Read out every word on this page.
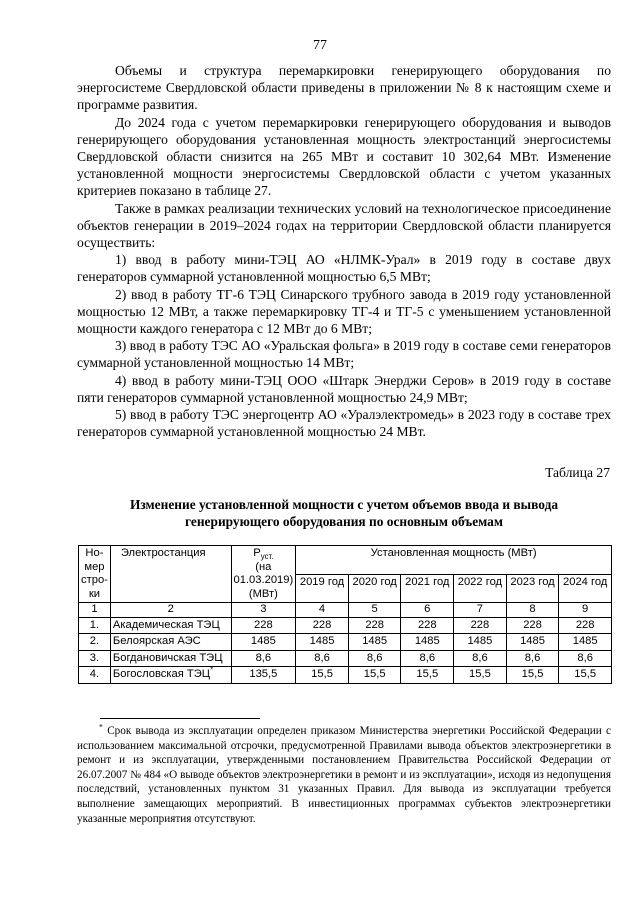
77

Объемы и структура перемаркировки генерирующего оборудования по энергосистеме Свердловской области приведены в приложении № 8 к настоящим схеме и программе развития.

До 2024 года с учетом перемаркировки генерирующего оборудования и выводов генерирующего оборудования установленная мощность электростанций энергосистемы Свердловской области снизится на 265 МВт и составит 10 302,64 МВт. Изменение установленной мощности энергосистемы Свердловской области с учетом указанных критериев показано в таблице 27.

Также в рамках реализации технических условий на технологическое присоединение объектов генерации в 2019–2024 годах на территории Свердловской области планируется осуществить:

1) ввод в работу мини-ТЭЦ АО «НЛМК-Урал» в 2019 году в составе двух генераторов суммарной установленной мощностью 6,5 МВт;

2) ввод в работу ТГ-6 ТЭЦ Синарского трубного завода в 2019 году установленной мощностью 12 МВт, а также перемаркировку ТГ-4 и ТГ-5 с уменьшением установленной мощности каждого генератора с 12 МВт до 6 МВт;

3) ввод в работу ТЭС АО «Уральская фольга» в 2019 году в составе семи генераторов суммарной установленной мощностью 14 МВт;

4) ввод в работу мини-ТЭЦ ООО «Штарк Энерджи Серов» в 2019 году в составе пяти генераторов суммарной установленной мощностью 24,9 МВт;

5) ввод в работу ТЭС энергоцентр АО «Уралэлектромедь» в 2023 году в составе трех генераторов суммарной установленной мощностью 24 МВт.

Таблица 27
Изменение установленной мощности с учетом объемов ввода и вывода
генерирующего оборудования по основным объемам
Но-мер стро-ки	Электростанция	$P_{уст.}$
(на 01.03.2019) (МВт)	Установленная мощность (МВт)					
			2019 год	2020 год	2021 год	2022 год	2023 год	2024 год
1	2	3	4	5	6	7	8	9
1.	Академическая ТЭЦ	228	228	228	228	228	228	228
2.	Белоярская АЭС	1485	1485	1485	1485	1485	1485	1485
3.	Богдановичская ТЭЦ	8,6	8,6	8,6	8,6	8,6	8,6	8,6
4.	Богословская ТЭЦ*	135,5	15,5	15,5	15,5	15,5	15,5	15,5
* Срок вывода из эксплуатации определен приказом Министерства энергетики Российской Федерации с использованием максимальной отсрочки, предусмотренной Правилами вывода объектов электроэнергетики в ремонт и из эксплуатации, утвержденными постановлением Правительства Российской Федерации от 26.07.2007 № 484 «О выводе объектов электроэнергетики в ремонт и из эксплуатации», исходя из недопущения последствий, установленных пунктом 31 указанных Правил. Для вывода из эксплуатации требуется выполнение замещающих мероприятий. В инвестиционных программах субъектов электроэнергетики указанные мероприятия отсутствуют.
